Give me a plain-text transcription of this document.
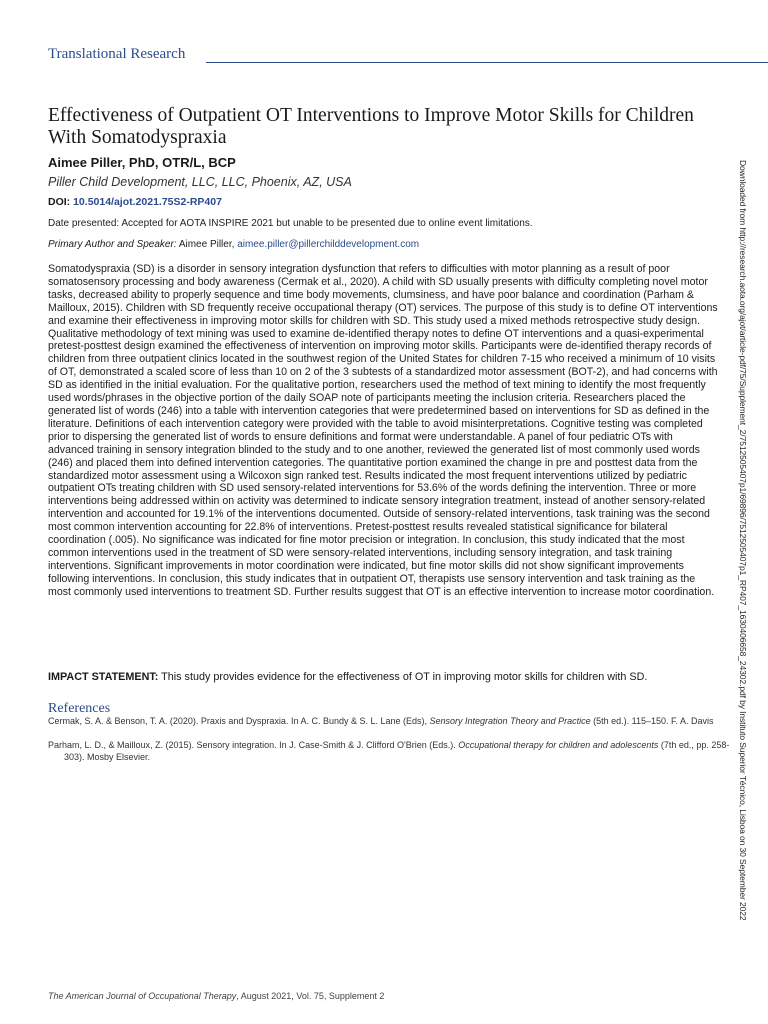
Translational Research
Effectiveness of Outpatient OT Interventions to Improve Motor Skills for Children With Somatodyspraxia
Aimee Piller, PhD, OTR/L, BCP
Piller Child Development, LLC, LLC, Phoenix, AZ, USA
DOI: 10.5014/ajot.2021.75S2-RP407
Date presented: Accepted for AOTA INSPIRE 2021 but unable to be presented due to online event limitations.
Primary Author and Speaker: Aimee Piller, aimee.piller@pillerchilddevelopment.com

Somatodyspraxia (SD) is a disorder in sensory integration dysfunction that refers to difficulties with motor planning as a result of poor somatosensory processing and body awareness (Cermak et al., 2020). A child with SD usually presents with difficulty completing novel motor tasks, decreased ability to properly sequence and time body movements, clumsiness, and have poor balance and coordination (Parham & Mailloux, 2015). Children with SD frequently receive occupational therapy (OT) services. The purpose of this study is to define OT interventions and examine their effectiveness in improving motor skills for children with SD. This study used a mixed methods retrospective study design. Qualitative methodology of text mining was used to examine de-identified therapy notes to define OT interventions and a quasi-experimental pretest-posttest design examined the effectiveness of intervention on improving motor skills. Participants were de-identified therapy records of children from three outpatient clinics located in the southwest region of the United States for children 7-15 who received a minimum of 10 visits of OT, demonstrated a scaled score of less than 10 on 2 of the 3 subtests of a standardized motor assessment (BOT-2), and had concerns with SD as identified in the initial evaluation. For the qualitative portion, researchers used the method of text mining to identify the most frequently used words/phrases in the objective portion of the daily SOAP note of participants meeting the inclusion criteria. Researchers placed the generated list of words (246) into a table with intervention categories that were predetermined based on interventions for SD as defined in the literature. Definitions of each intervention category were provided with the table to avoid misinterpretations. Cognitive testing was completed prior to dispersing the generated list of words to ensure definitions and format were understandable. A panel of four pediatric OTs with advanced training in sensory integration blinded to the study and to one another, reviewed the generated list of most commonly used words (246) and placed them into defined intervention categories. The quantitative portion examined the change in pre and posttest data from the standardized motor assessment using a Wilcoxon sign ranked test. Results indicated the most frequent interventions utilized by pediatric outpatient OTs treating children with SD used sensory-related interventions for 53.6% of the words defining the intervention. Three or more interventions being addressed within on activity was determined to indicate sensory integration treatment, instead of another sensory-related intervention and accounted for 19.1% of the interventions documented. Outside of sensory-related interventions, task training was the second most common intervention accounting for 22.8% of interventions. Pretest-posttest results revealed statistical significance for bilateral coordination (.005). No significance was indicated for fine motor precision or integration. In conclusion, this study indicated that the most common interventions used in the treatment of SD were sensory-related interventions, including sensory integration, and task training interventions. Significant improvements in motor coordination were indicated, but fine motor skills did not show significant improvements following interventions. In conclusion, this study indicates that in outpatient OT, therapists use sensory intervention and task training as the most commonly used interventions to treatment SD. Further results suggest that OT is an effective intervention to increase motor coordination.

IMPACT STATEMENT: This study provides evidence for the effectiveness of OT in improving motor skills for children with SD.
References
Cermak, S. A. & Benson, T. A. (2020). Praxis and Dyspraxia. In A. C. Bundy & S. L. Lane (Eds), Sensory Integration Theory and Practice (5th ed.). 115–150. F. A. Davis
Parham, L. D., & Mailloux, Z. (2015). Sensory integration. In J. Case-Smith & J. Clifford O'Brien (Eds.). Occupational therapy for children and adolescents (7th ed., pp. 258-303). Mosby Elsevier.	Downloaded from http://research.aota.org/ajot/article-pdf/75/Supplement_2/7512505407p1/69896/7512505407p1_RP407_1630406658_24302.pdf by Instituto Superior Técnico, Lisboa on 30 September 2022
The American Journal of Occupational Therapy, August 2021, Vol. 75, Supplement 2
